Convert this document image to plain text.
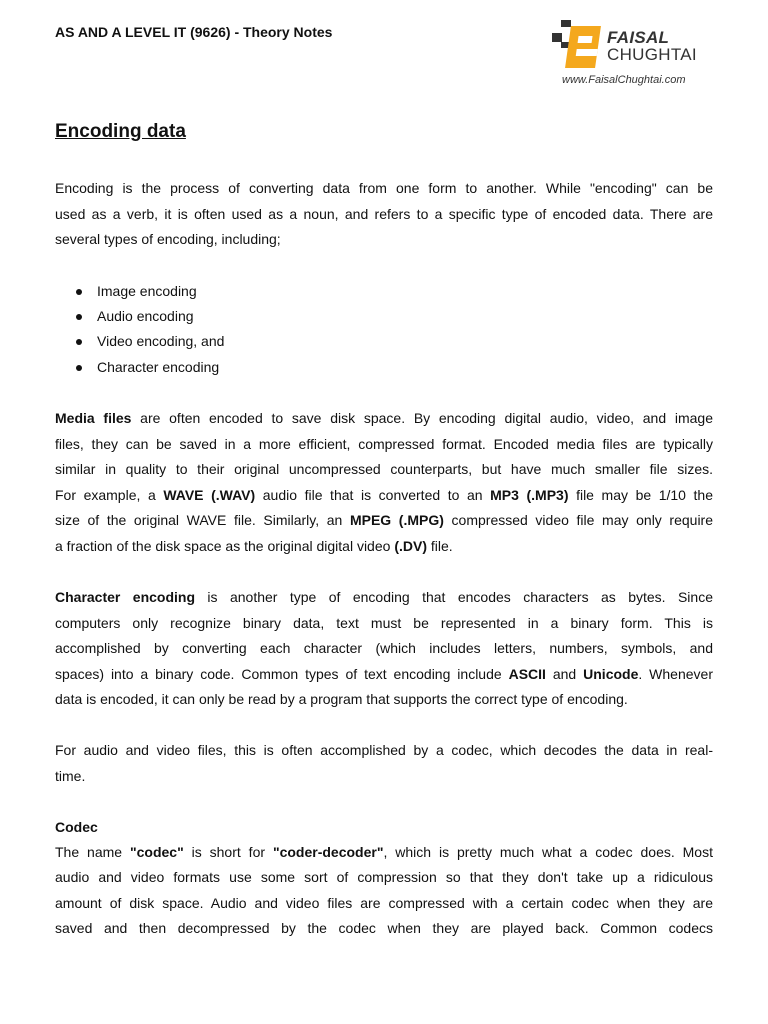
AS AND A LEVEL IT (9626) - Theory Notes	FAISAL
CHUGHTAI
www.FaisalChughtai.com
Encoding data
Encoding is the process of converting data from one form to another. While "encoding" can be
used as a verb, it is often used as a noun, and refers to a specific type of encoded data. There are
several types of encoding, including;
Media files are often encoded to save disk space. By encoding digital audio, video, and image
files, they can be saved in a more efficient, compressed format. Encoded media files are typically
similar in quality to their original uncompressed counterparts, but have much smaller file sizes.
For example, a WAVE (.WAV) audio file that is converted to an MP3 (.MP3) file may be 1/10 the
size of the original WAVE file. Similarly, an MPEG (.MPG) compressed video file may only require
a fraction of the disk space as the original digital video (.DV) file.
Character encoding is another type of encoding that encodes characters as bytes. Since
computers only recognize binary data, text must be represented in a binary form. This is
accomplished by converting each character (which includes letters, numbers, symbols, and
spaces) into a binary code. Common types of text encoding include ASCII and Unicode. Whenever
data is encoded, it can only be read by a program that supports the correct type of encoding.
For audio and video files, this is often accomplished by a codec, which decodes the data in real-
time.
The name "codec" is short for "coder-decoder", which is pretty much what a codec does. Most
audio and video formats use some sort of compression so that they don't take up a ridiculous
amount of disk space. Audio and video files are compressed with a certain codec when they are
saved and then decompressed by the codec when they are played back. Common codecs
Image encoding
Audio encoding
Video encoding, and
Character encoding
Codec
